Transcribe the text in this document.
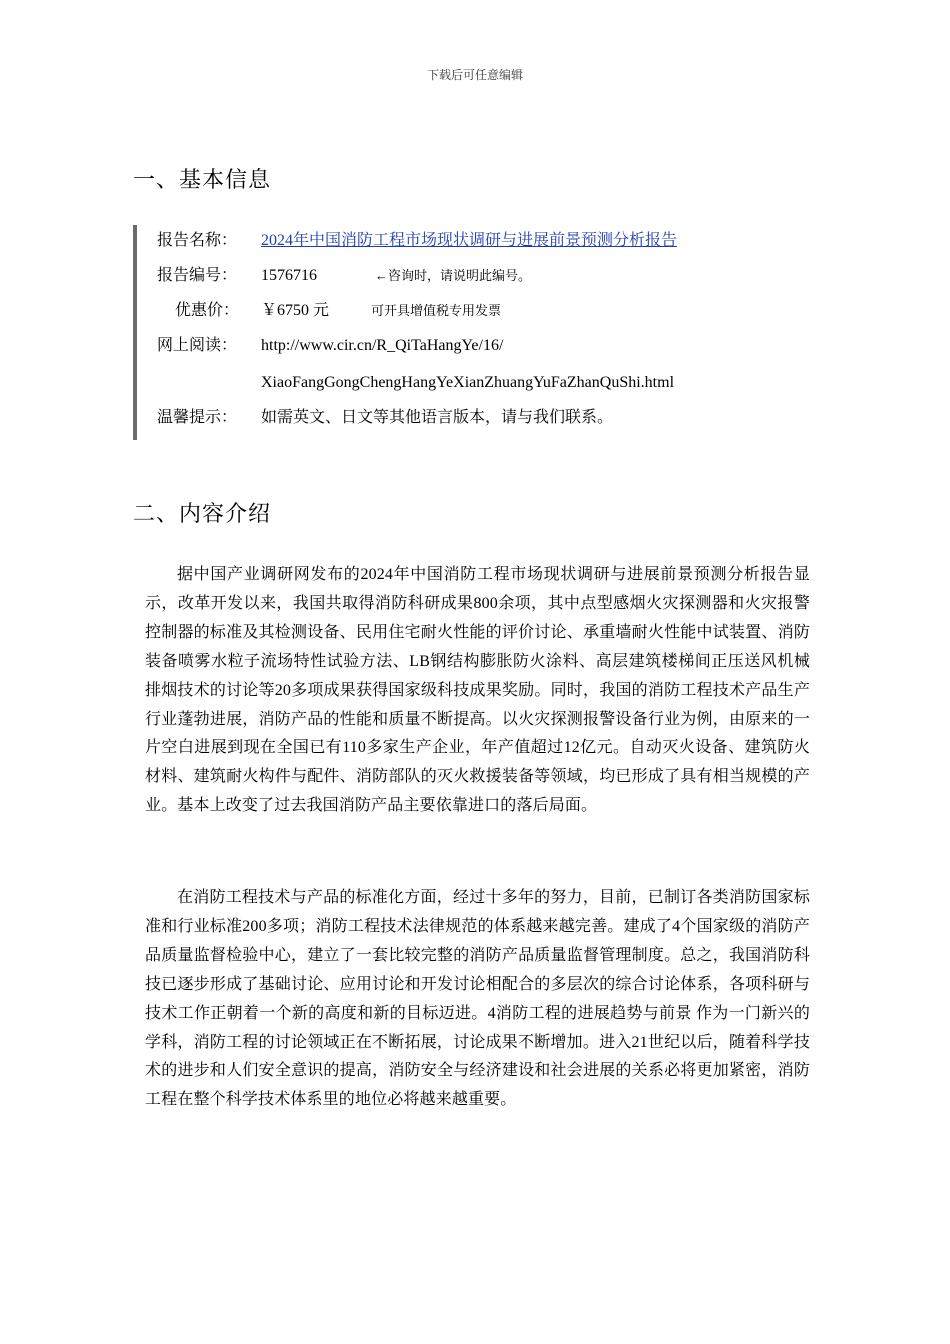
下载后可任意编辑
一、基本信息
报告名称： 2024年中国消防工程市场现状调研与进展前景预测分析报告
报告编号： 1576716	←咨询时，请说明此编号。
优惠价： ￥6750 元	可开具增值税专用发票
网上阅读： http://www.cir.cn/R_QiTaHangYe/16/
XiaoFangGongChengHangYeXianZhuangYuFaZhanQuShi.html
温馨提示： 如需英文、日文等其他语言版本，请与我们联系。
二、内容介绍

据中国产业调研网发布的2024年中国消防工程市场现状调研与进展前景预测分析报告显示，改革开发以来，我国共取得消防科研成果800余项，其中点型感烟火灾探测器和火灾报警控制器的标准及其检测设备、民用住宅耐火性能的评价讨论、承重墙耐火性能中试装置、消防装备喷雾水粒子流场特性试验方法、LB钢结构膨胀防火涂料、高层建筑楼梯间正压送风机械排烟技术的讨论等20多项成果获得国家级科技成果奖励。同时，我国的消防工程技术产品生产行业蓬勃进展，消防产品的性能和质量不断提高。以火灾探测报警设备行业为例，由原来的一片空白进展到现在全国已有110多家生产企业，年产值超过12亿元。自动灭火设备、建筑防火材料、建筑耐火构件与配件、消防部队的灭火救援装备等领域，均已形成了具有相当规模的产业。基本上改变了过去我国消防产品主要依靠进口的落后局面。

在消防工程技术与产品的标准化方面，经过十多年的努力，目前，已制订各类消防国家标准和行业标准200多项；消防工程技术法律规范的体系越来越完善。建成了4个国家级的消防产品质量监督检验中心，建立了一套比较完整的消防产品质量监督管理制度。总之，我国消防科技已逐步形成了基础讨论、应用讨论和开发讨论相配合的多层次的综合讨论体系，各项科研与技术工作正朝着一个新的高度和新的目标迈进。4消防工程的进展趋势与前景 作为一门新兴的学科，消防工程的讨论领域正在不断拓展，讨论成果不断增加。进入21世纪以后，随着科学技术的进步和人们安全意识的提高，消防安全与经济建设和社会进展的关系必将更加紧密，消防工程在整个科学技术体系里的地位必将越来越重要。
